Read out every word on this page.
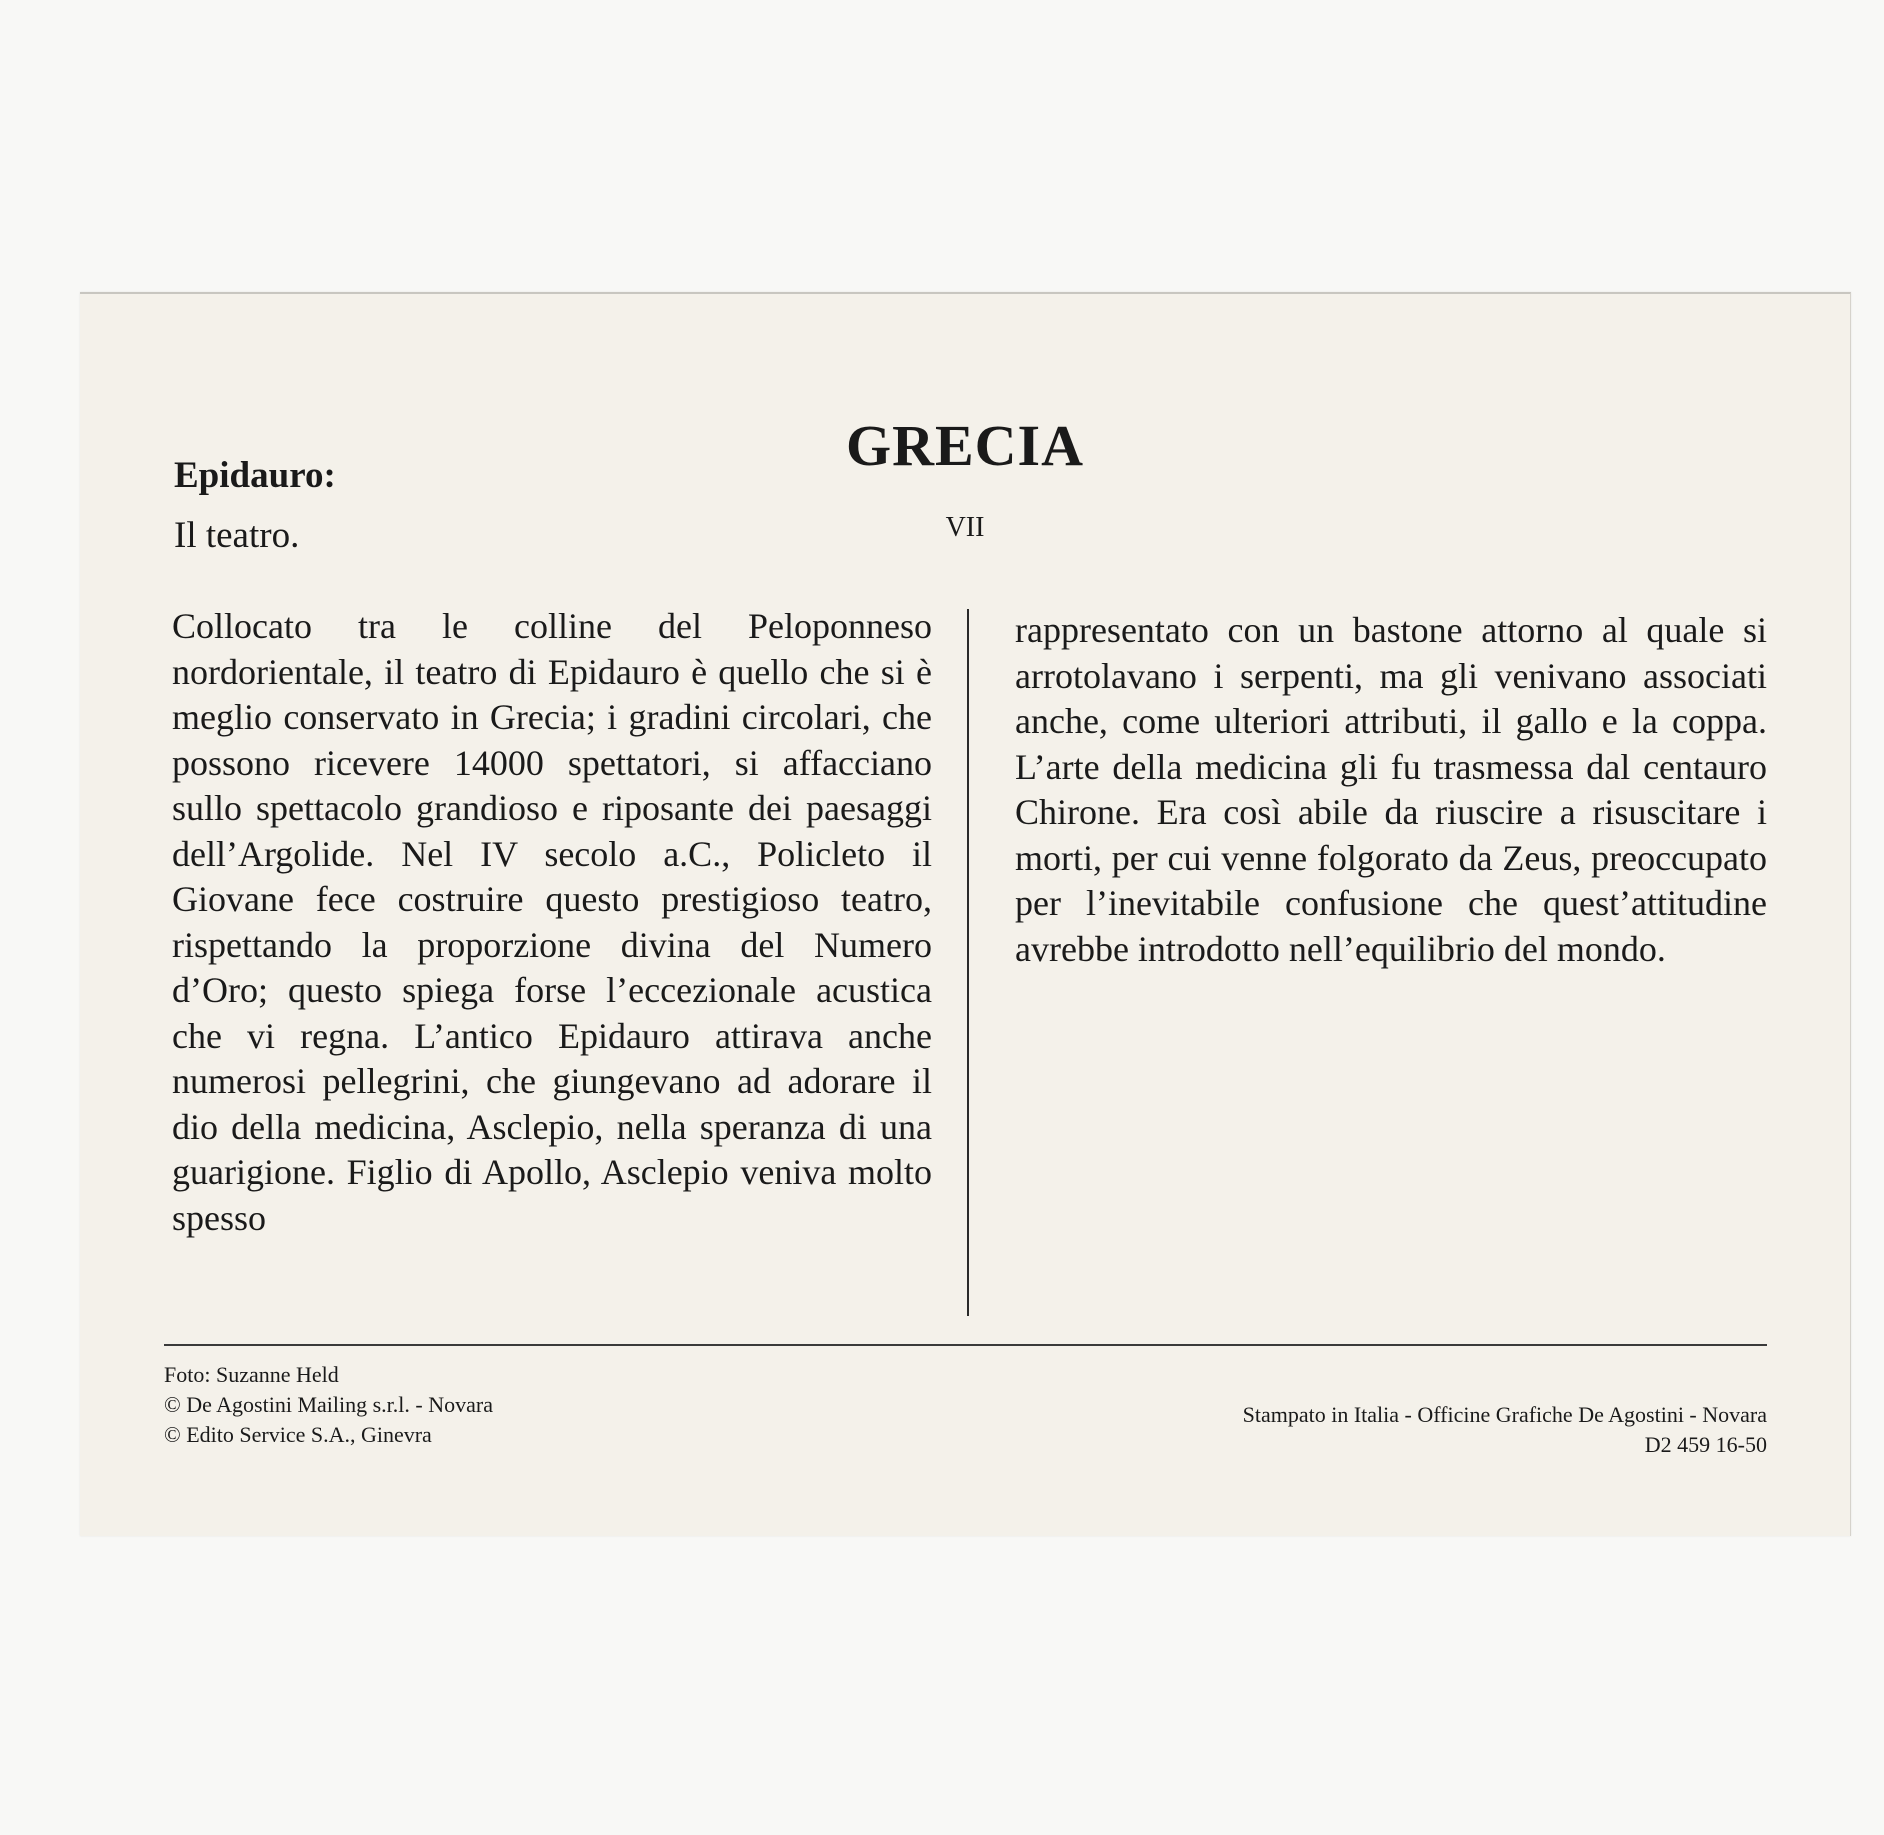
GRECIA
VII
Epidauro:
Il teatro.

Collocato tra le colline del Peloponneso nordorientale, il teatro di Epidauro è quello che si è meglio conservato in Grecia; i gradini circolari, che possono ricevere 14000 spettatori, si affacciano sullo spettacolo grandioso e riposante dei paesaggi dell’Argolide. Nel IV secolo a.C., Policleto il Giovane fece costruire questo prestigioso teatro, rispettando la proporzione divina del Numero d’Oro; questo spiega forse l’eccezionale acustica che vi regna. L’antico Epidauro attirava anche numerosi pellegrini, che giungevano ad adorare il dio della medicina, Asclepio, nella speranza di una guarigione. Figlio di Apollo, Asclepio veniva molto spesso

rappresentato con un bastone attorno al quale si arrotolavano i serpenti, ma gli venivano associati anche, come ulteriori attributi, il gallo e la coppa. L’arte della medicina gli fu trasmessa dal centauro Chirone. Era così abile da riuscire a risuscitare i morti, per cui venne folgorato da Zeus, preoccupato per l’inevitabile confusione che quest’attitudine avrebbe introdotto nell’equilibrio del mondo.

Foto: Suzanne Held
© De Agostini Mailing s.r.l. - Novara
© Edito Service S.A., Ginevra
Stampato in Italia - Officine Grafiche De Agostini - Novara
D2 459 16-50
